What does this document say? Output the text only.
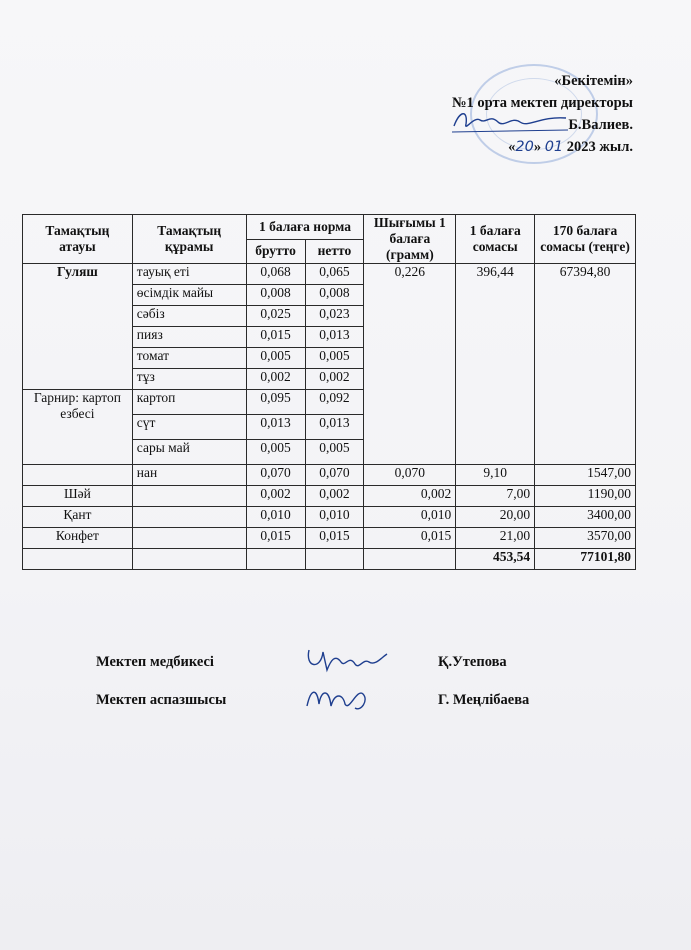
«Бекітемін»
№1 орта мектеп директоры
Б.Валиев.
«20» 01 2023 жыл.
Тамақтың атауы	Тамақтың құрамы	1 балаға норма		Шығымы 1 балаға (грамм)	1 балаға сомасы	170 балаға сомасы (теңге)
		брутто	нетто			
Гуляш	тауық еті	0,068	0,065	0,226	396,44	67394,80
	өсімдік майы	0,008	0,008			
	сәбіз	0,025	0,023			
	пияз	0,015	0,013			
	томат	0,005	0,005			
	тұз	0,002	0,002			
Гарнир: картоп езбесі	картоп	0,095	0,092			
	сүт	0,013	0,013			
	сары май	0,005	0,005			
	нан	0,070	0,070	0,070	9,10	1547,00
Шәй		0,002	0,002	0,002	7,00	1190,00
Қант		0,010	0,010	0,010	20,00	3400,00
Конфет		0,015	0,015	0,015	21,00	3570,00
					453,54	77101,80
Мектеп медбикесі	Қ.Утепова
Мектеп аспазшысы	Г. Меңлібаева
